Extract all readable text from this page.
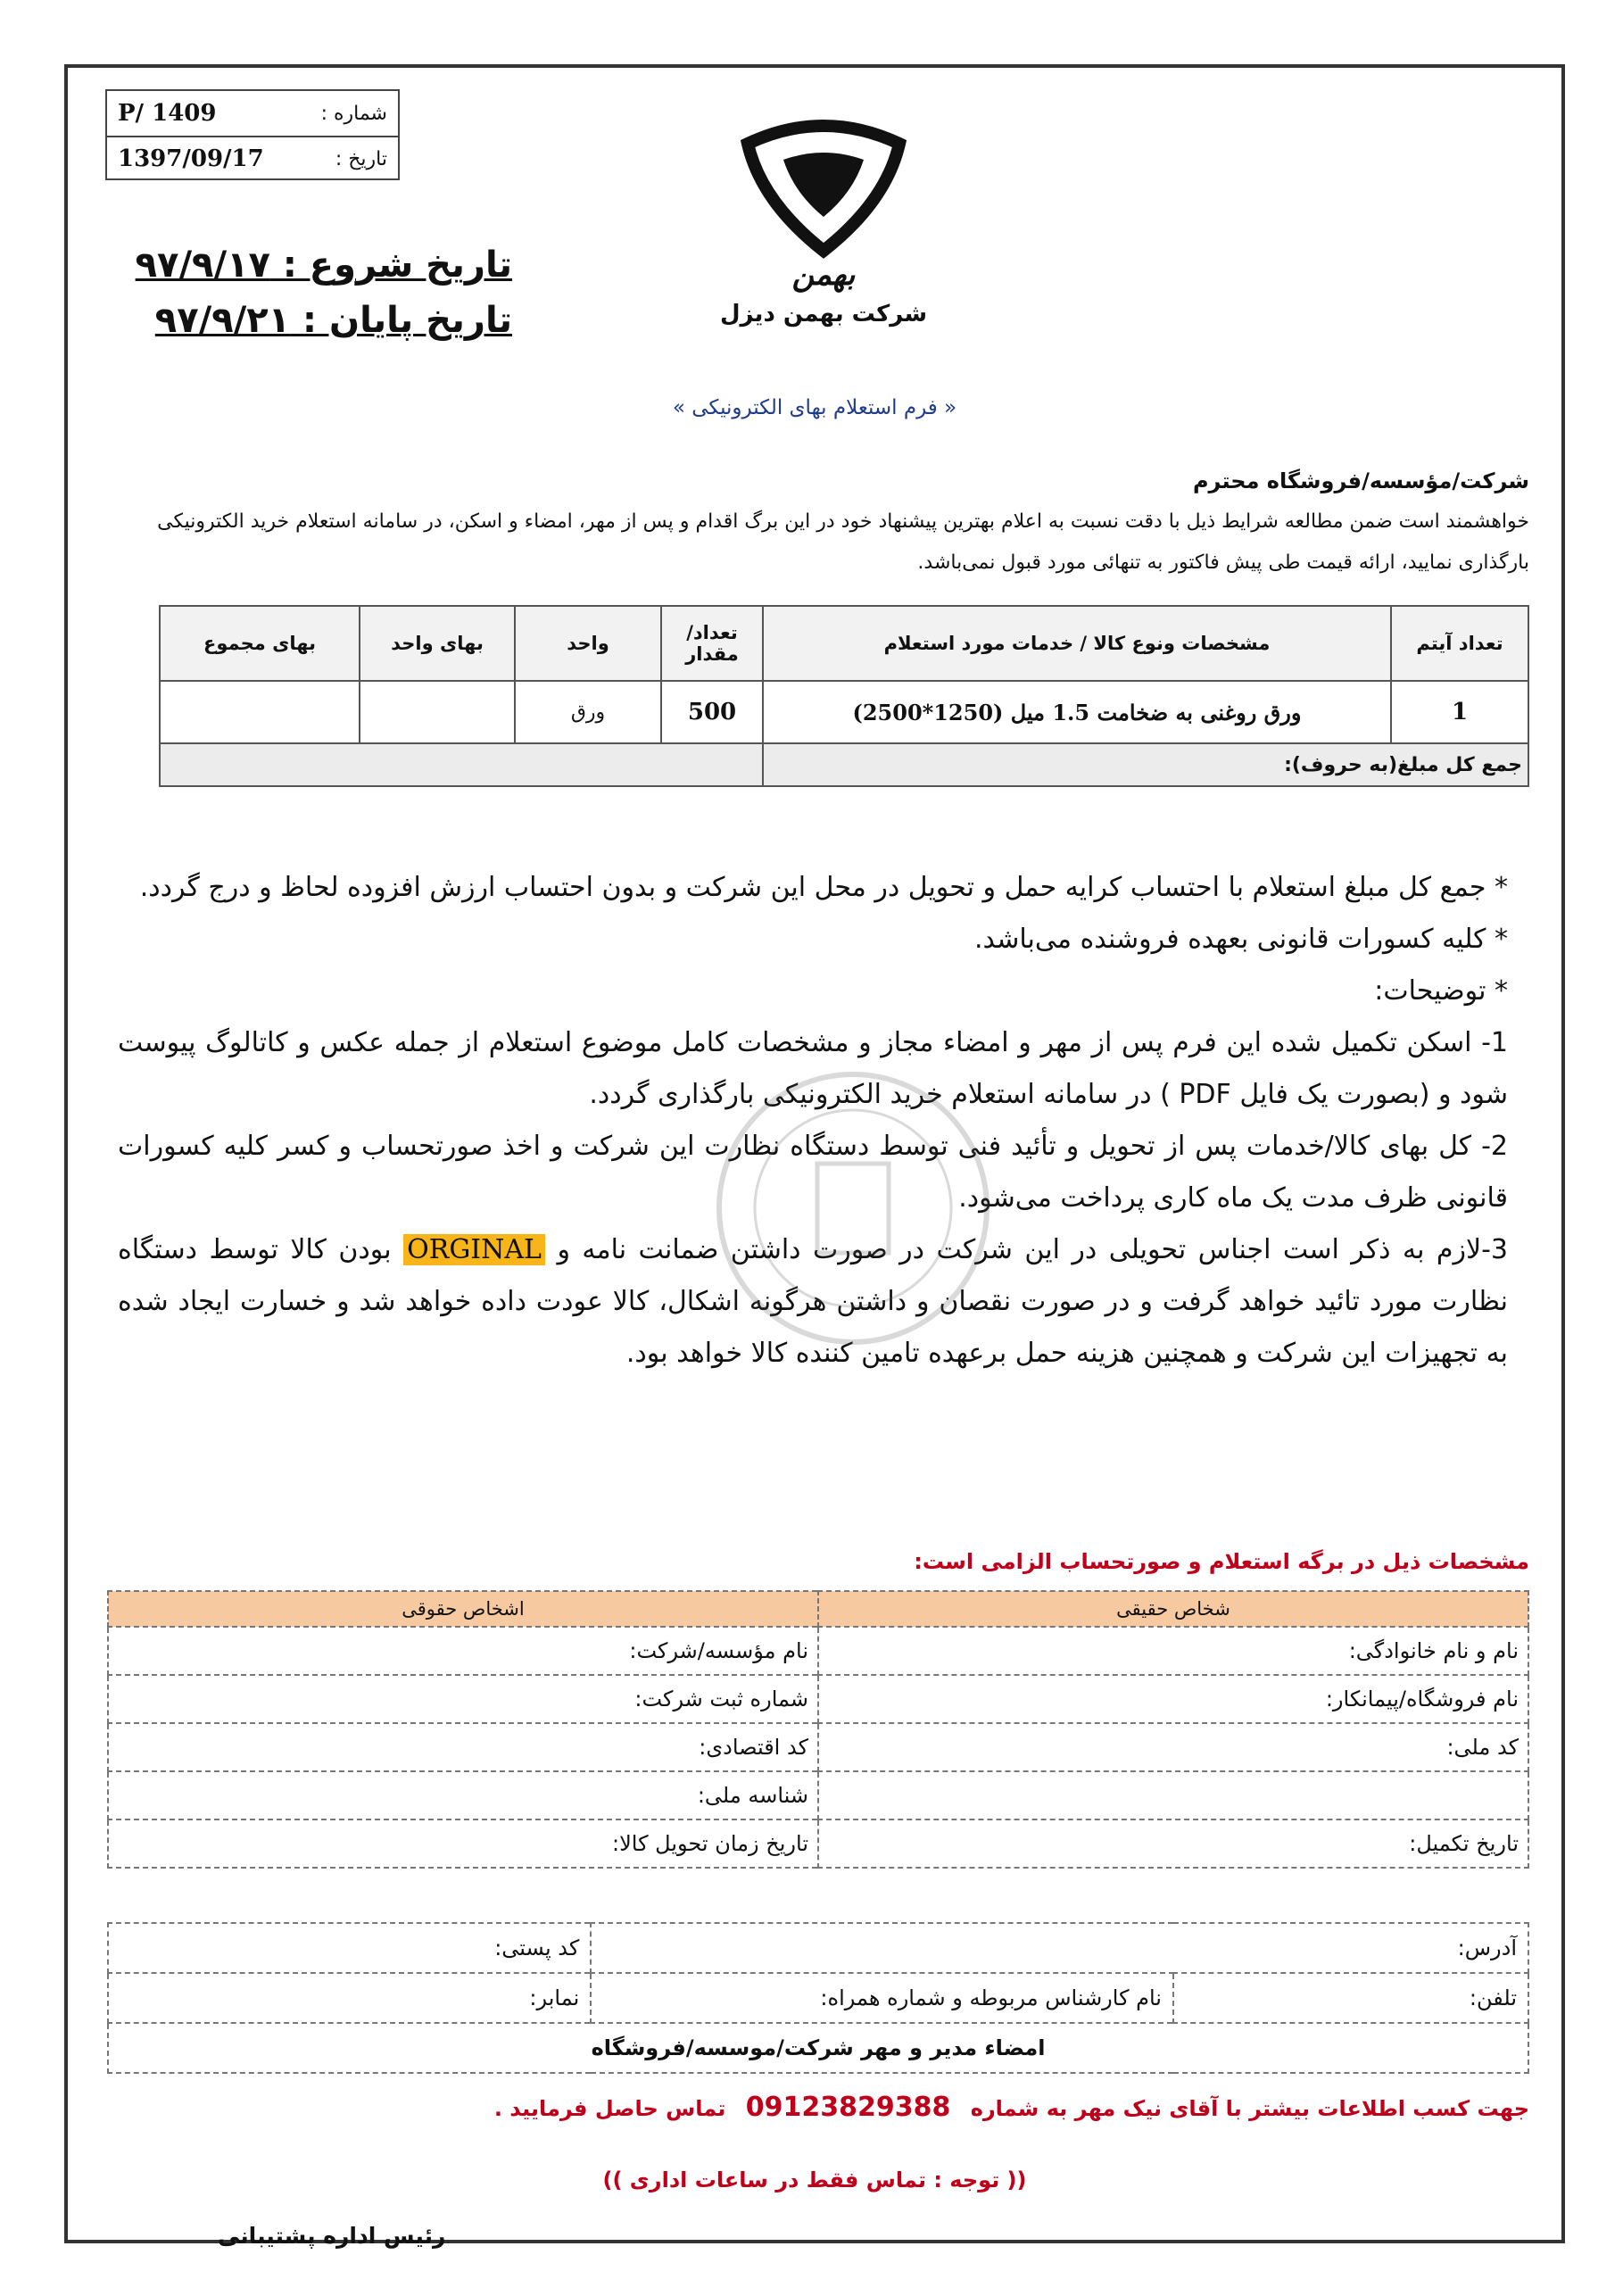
شماره :
P/ 1409
تاریخ :
1397/09/17
تاریخ شروع : ۹۷/۹/۱۷
تاریخ پایان : ۹۷/۹/۲۱
بهمن
شرکت بهمن دیزل
« فرم استعلام بهای الکترونیکی »
شرکت/مؤسسه/فروشگاه محترم
خواهشمند است ضمن مطالعه شرایط ذیل با دقت نسبت به اعلام بهترین پیشنهاد خود در این برگ اقدام و پس از مهر، امضاء و اسکن، در سامانه استعلام خرید الکترونیکی بارگذاری نمایید، ارائه قیمت طی پیش فاکتور به تنهائی مورد قبول نمی‌باشد.
تعداد آیتم	مشخصات ونوع کالا / خدمات مورد استعلام	تعداد/ مقدار	واحد	بهای واحد	بهای مجموع
1	ورق روغنی به ضخامت 1.5 میل (1250*2500)	500	ورق		
جمع کل مبلغ(به حروف):					

* جمع کل مبلغ استعلام با احتساب کرایه حمل و تحویل در محل این شرکت و بدون احتساب ارزش افزوده لحاظ و درج گردد.

* کلیه کسورات قانونی بعهده فروشنده می‌باشد.

* توضیحات:

1- اسکن تکمیل شده این فرم پس از مهر و امضاء مجاز و مشخصات کامل موضوع استعلام از جمله عکس و کاتالوگ پیوست شود و (بصورت یک فایل PDF ) در سامانه استعلام خرید الکترونیکی بارگذاری گردد.

2- کل بهای کالا/خدمات پس از تحویل و تأئید فنی توسط دستگاه نظارت این شرکت و اخذ صورتحساب و کسر کلیه کسورات قانونی ظرف مدت یک ماه کاری پرداخت می‌شود.

3-لازم به ذکر است اجناس تحویلی در این شرکت در صورت داشتن ضمانت نامه و ORGINAL بودن کالا توسط دستگاه نظارت مورد تائید خواهد گرفت و در صورت نقصان و داشتن هرگونه اشکال، کالا عودت داده خواهد شد و خسارت ایجاد شده به تجهیزات این شرکت و همچنین هزینه حمل برعهده تامین کننده کالا خواهد بود.

مشخصات ذیل در برگه استعلام و صورتحساب الزامی است:
شخاص حقیقی	اشخاص حقوقی
نام و نام خانوادگی:	نام مؤسسه/شرکت:
نام فروشگاه/پیمانکار:	شماره ثبت شرکت:
کد ملی:	کد اقتصادی:
	شناسه ملی:
تاریخ تکمیل:	تاریخ زمان تحویل کالا:
آدرس:		کد پستی:
تلفن:	نام کارشناس مربوطه و شماره همراه:	نمابر:
امضاء مدیر و مهر شرکت/موسسه/فروشگاه		
جهت کسب اطلاعات بیشتر با آقای نیک مهر به شماره 09123829388 تماس حاصل فرمایید .
(( توجه : تماس فقط در ساعات اداری ))
رئیس اداره پشتیبانی
